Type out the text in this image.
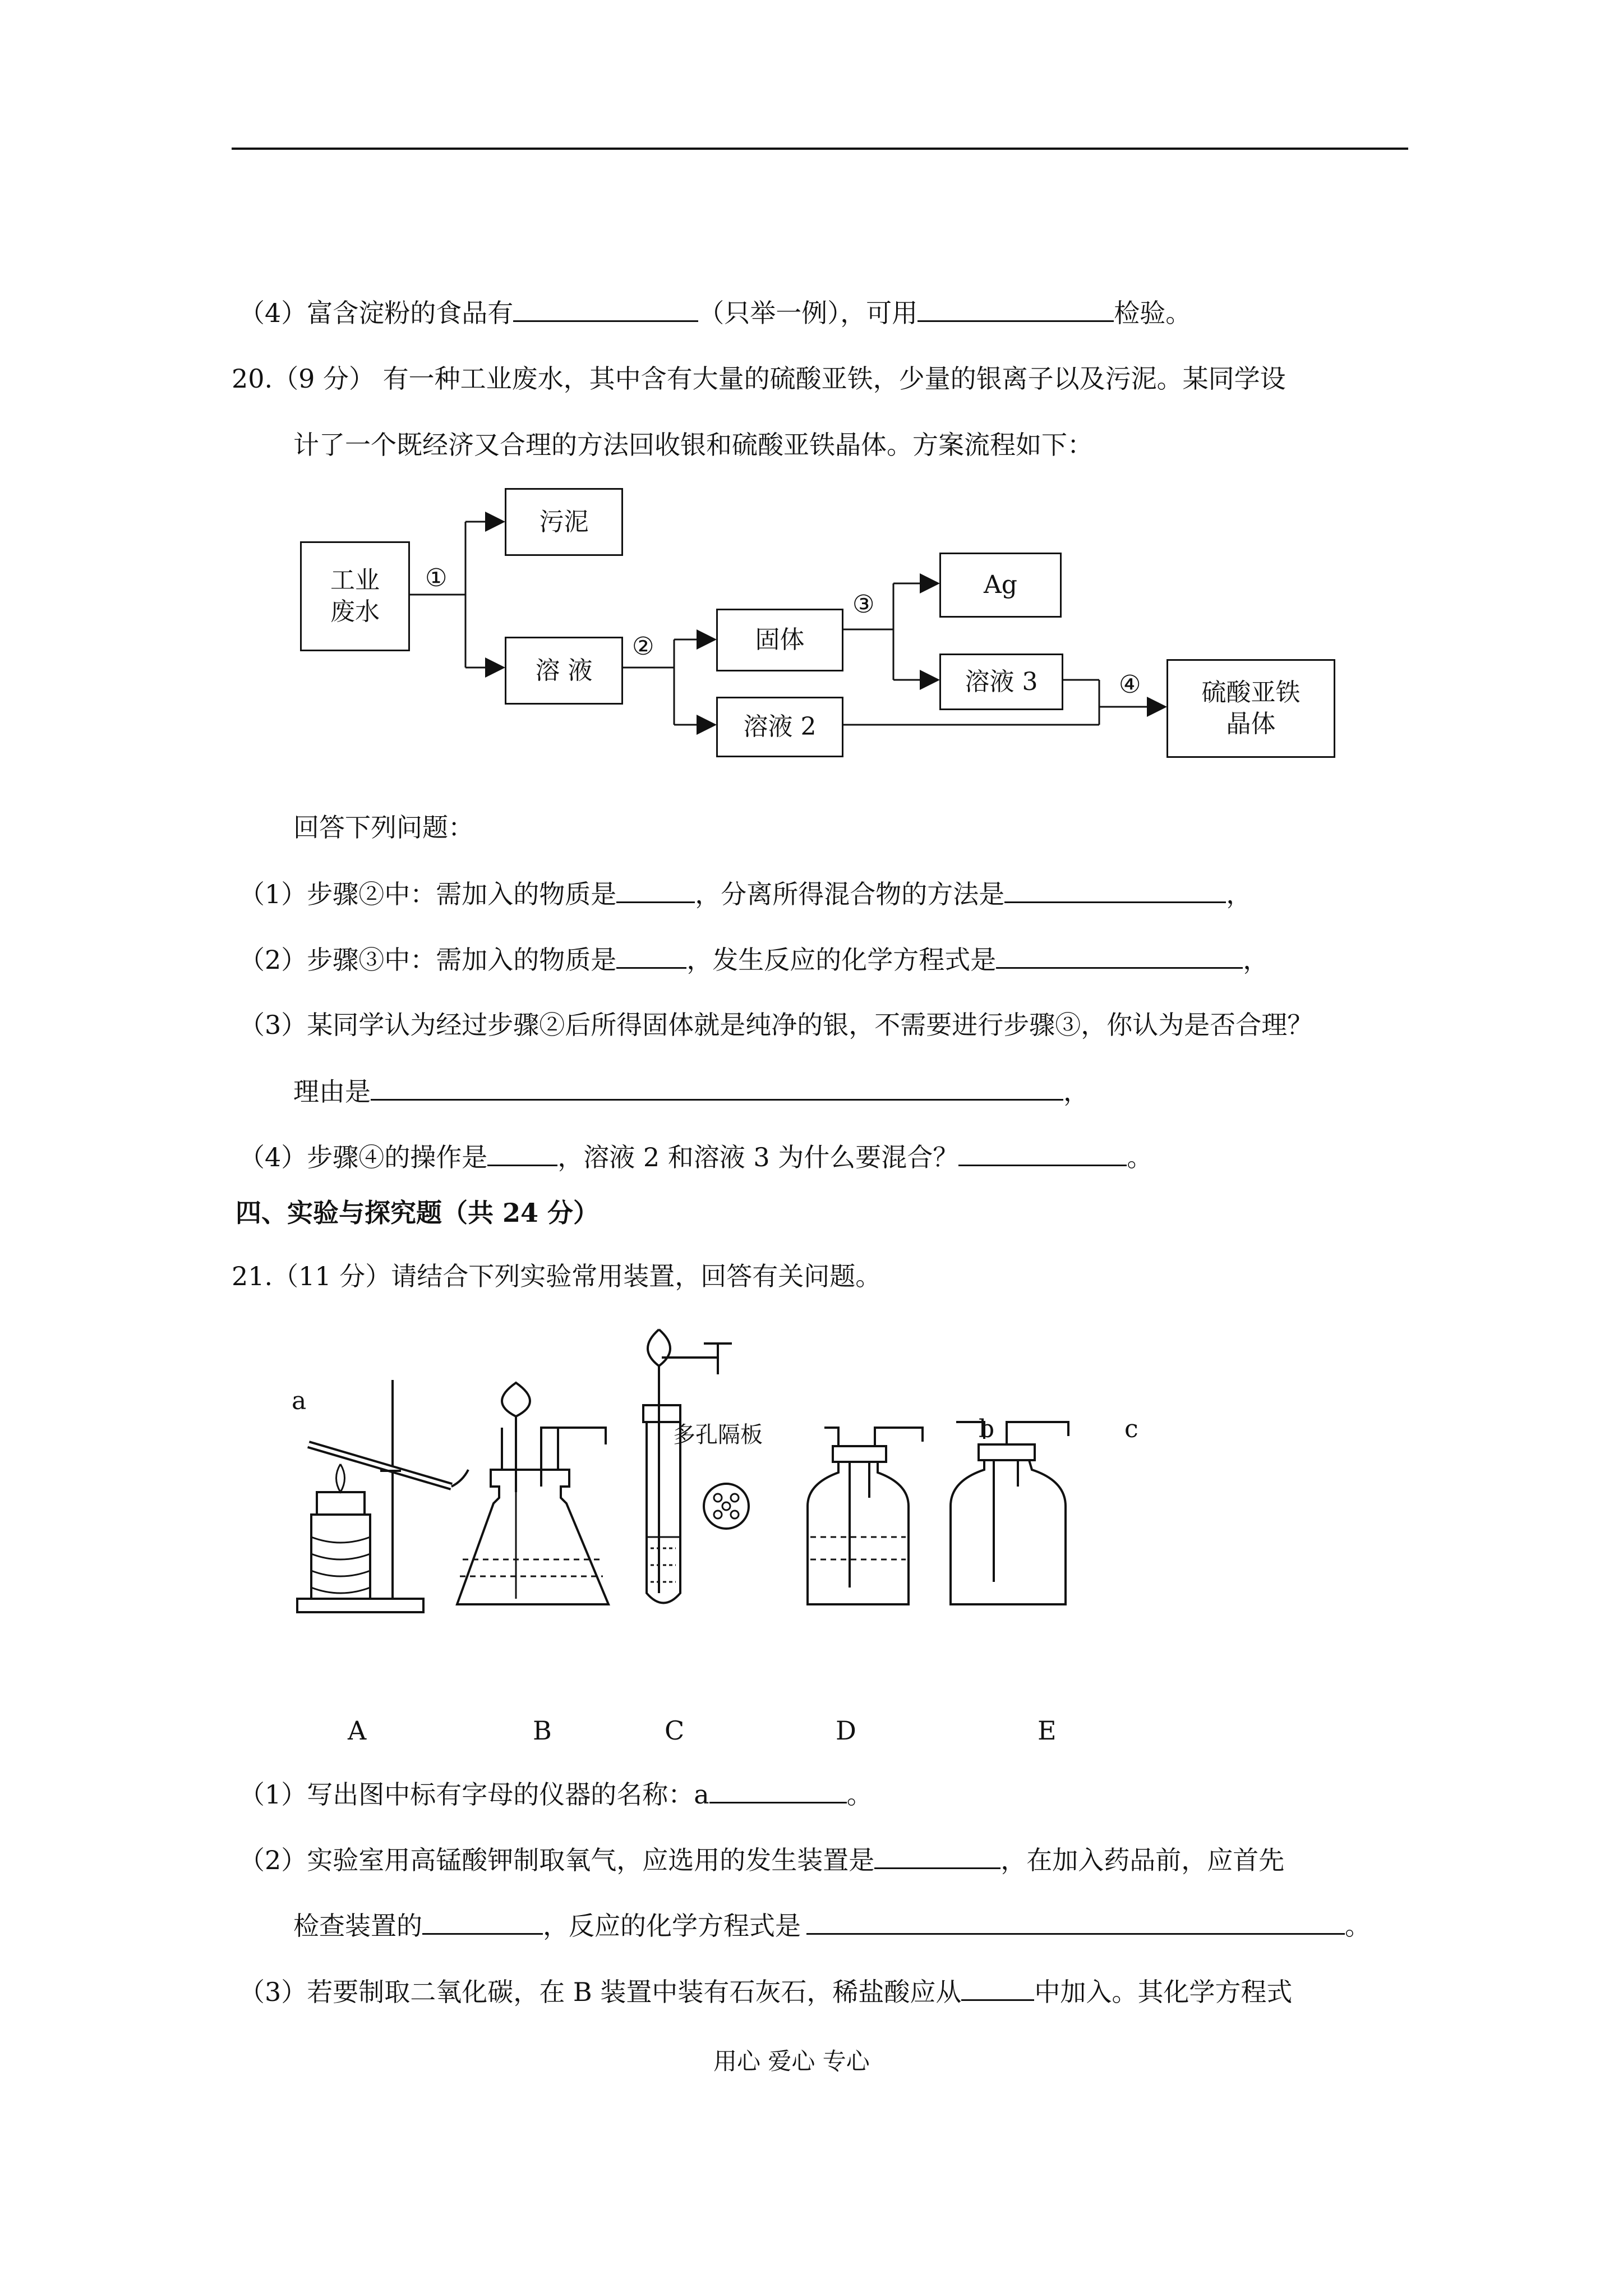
（4）富含淀粉的食品有	（只举一例），可用	检验。
20.（9 分） 有一种工业废水，其中含有大量的硫酸亚铁，少量的银离子以及污泥。某同学设
计了一个既经济又合理的方法回收银和硫酸亚铁晶体。方案流程如下：
工业
废水
污泥
溶 液
固体
溶液 2
Ag
溶液 3	硫酸亚铁
晶体
①
②
③
④
回答下列问题：
（1）步骤②中：需加入的物质是	，分离所得混合物的方法是	，
（2）步骤③中：需加入的物质是	，发生反应的化学方程式是	，
（3）某同学认为经过步骤②后所得固体就是纯净的银，不需要进行步骤③，你认为是否合理？
理由是	，
（4）步骤④的操作是	，溶液 2 和溶液 3 为什么要混合？	。
四、实验与探究题（共 24 分）
21.（11 分）请结合下列实验常用装置，回答有关问题。
a
多孔隔板	b	c
A	B	C	D	E
（1）写出图中标有字母的仪器的名称：a	。
（2）实验室用高锰酸钾制取氧气，应选用的发生装置是	，在加入药品前，应首先
检查装置的	，反应的化学方程式是	。
（3）若要制取二氧化碳，在 B 装置中装有石灰石，稀盐酸应从	中加入。其化学方程式
用心 爱心 专心
